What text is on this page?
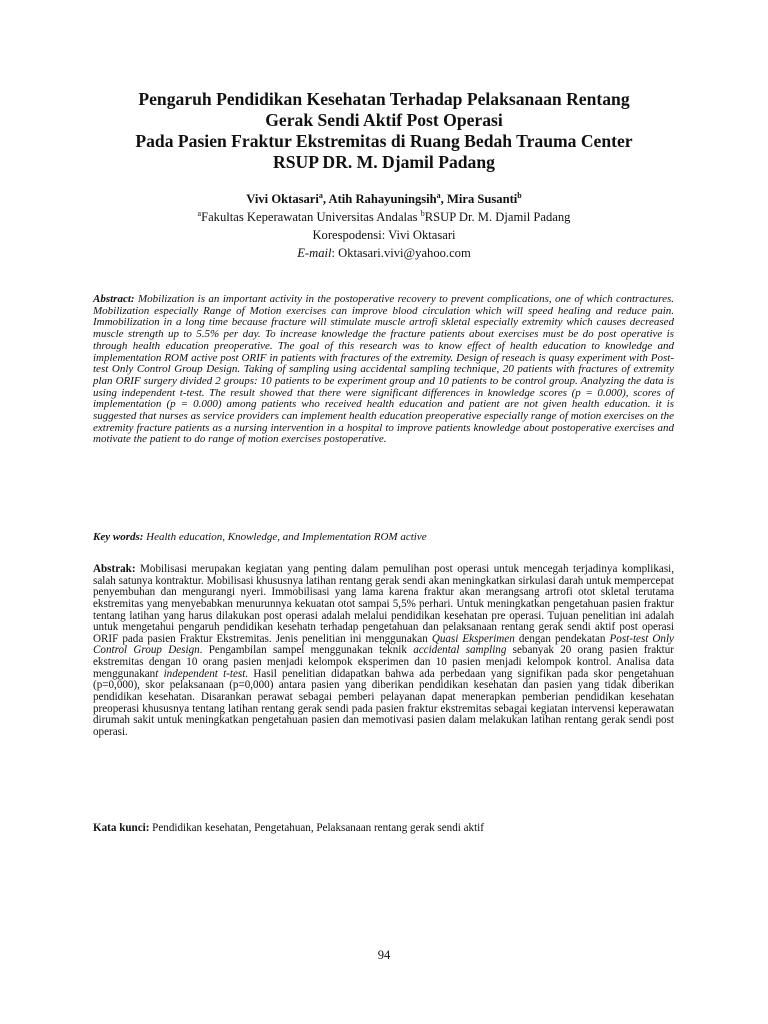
Pengaruh Pendidikan Kesehatan Terhadap Pelaksanaan Rentang
Gerak Sendi Aktif Post Operasi
Pada Pasien Fraktur Ekstremitas di Ruang Bedah Trauma Center
RSUP DR. M. Djamil Padang
Vivi Oktasari$^a$, Atih Rahayuningsih$^a$, Mira Susanti$^b$
$^a$Fakultas Keperawatan Universitas Andalas $^b$RSUP Dr. M. Djamil Padang
Korespodensi: Vivi Oktasari
E-mail: Oktasari.vivi@yahoo.com
Abstract: Mobilization is an important activity in the postoperative recovery to prevent complications, one of which contractures. Mobilization especially Range of Motion exercises can improve blood circulation which will speed healing and reduce pain. Immobilization in a long time because fracture will stimulate muscle artrofi skletal especially extremity which causes decreased muscle strength up to 5.5% per day. To increase knowledge the fracture patients about exercises must be do post operative is through health education preoperative. The goal of this research was to know effect of health education to knowledge and implementation ROM active post ORIF in patients with fractures of the extremity. Design of reseach is quasy experiment with Post-test Only Control Group Design. Taking of sampling using accidental sampling technique, 20 patients with fractures of extremity plan ORIF surgery divided 2 groups: 10 patients to be experiment group and 10 patients to be control group. Analyzing the data is using independent t-test. The result showed that there were significant differences in knowledge scores (p = 0.000), scores of implementation (p = 0.000) among patients who received health education and patient are not given health education. it is suggested that nurses as service providers can implement health education preoperative especially range of motion exercises on the extremity fracture patients as a nursing intervention in a hospital to improve patients knowledge about postoperative exercises and motivate the patient to do range of motion exercises postoperative.
Key words: Health education, Knowledge, and Implementation ROM active
Abstrak: Mobilisasi merupakan kegiatan yang penting dalam pemulihan post operasi untuk mencegah terjadinya komplikasi, salah satunya kontraktur. Mobilisasi khususnya latihan rentang gerak sendi akan meningkatkan sirkulasi darah untuk mempercepat penyembuhan dan mengurangi nyeri. Immobilisasi yang lama karena fraktur akan merangsang artrofi otot skletal terutama ekstremitas yang menyebabkan menurunnya kekuatan otot sampai 5,5% perhari. Untuk meningkatkan pengetahuan pasien fraktur tentang latihan yang harus dilakukan post operasi adalah melalui pendidikan kesehatan pre operasi. Tujuan penelitian ini adalah untuk mengetahui pengaruh pendidikan kesehatn terhadap pengetahuan dan pelaksanaan rentang gerak sendi aktif post operasi ORIF pada pasien Fraktur Ekstremitas. Jenis penelitian ini menggunakan Quasi Eksperimen dengan pendekatan Post-test Only Control Group Design. Pengambilan sampel menggunakan teknik accidental sampling sebanyak 20 orang pasien fraktur ekstremitas dengan 10 orang pasien menjadi kelompok eksperimen dan 10 pasien menjadi kelompok kontrol. Analisa data menggunakant independent t-test. Hasil penelitian didapatkan bahwa ada perbedaan yang signifikan pada skor pengetahuan (p=0,000), skor pelaksanaan (p=0,000) antara pasien yang diberikan pendidikan kesehatan dan pasien yang tidak diberikan pendidikan kesehatan. Disarankan perawat sebagai pemberi pelayanan dapat menerapkan pemberian pendidikan kesehatan preoperasi khususnya tentang latihan rentang gerak sendi pada pasien fraktur ekstremitas sebagai kegiatan intervensi keperawatan dirumah sakit untuk meningkatkan pengetahuan pasien dan memotivasi pasien dalam melakukan latihan rentang gerak sendi post operasi.
Kata kunci: Pendidikan kesehatan, Pengetahuan, Pelaksanaan rentang gerak sendi aktif
94
